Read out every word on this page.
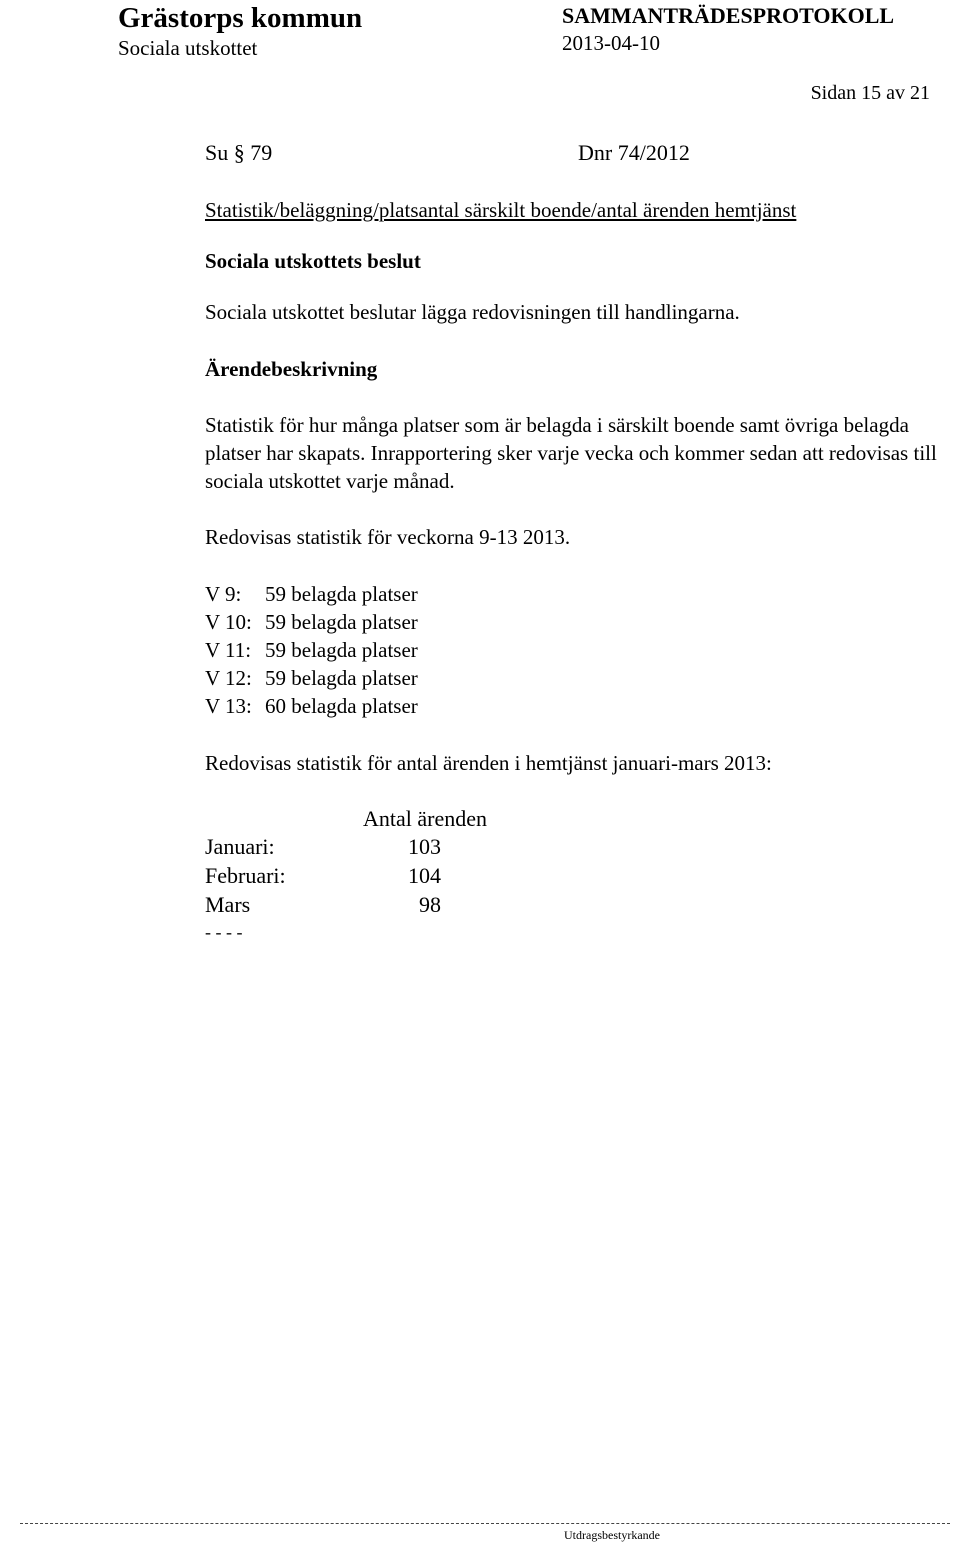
Grästorps kommun
Sociala utskottet
SAMMANTRÄDESPROTOKOLL
2013-04-10
Sidan 15 av 21
Su § 79	Dnr 74/2012
Statistik/beläggning/platsantal särskilt boende/antal ärenden hemtjänst
Sociala utskottets beslut
Sociala utskottet beslutar lägga redovisningen till handlingarna.
Ärendebeskrivning

Statistik för hur många platser som är belagda i särskilt boende samt övriga belagda platser har skapats. Inrapportering sker varje vecka och kommer sedan att redovisas till sociala utskottet varje månad.

Redovisas statistik för veckorna 9-13 2013.
V 9: 59 belagda platser
V 10: 59 belagda platser
V 11: 59 belagda platser
V 12: 59 belagda platser
V 13: 60 belagda platser
Redovisas statistik för antal ärenden i hemtjänst januari-mars 2013:
Antal ärenden
Januari:	103
Februari:	104
Mars	98
- - - -
Utdragsbestyrkande
